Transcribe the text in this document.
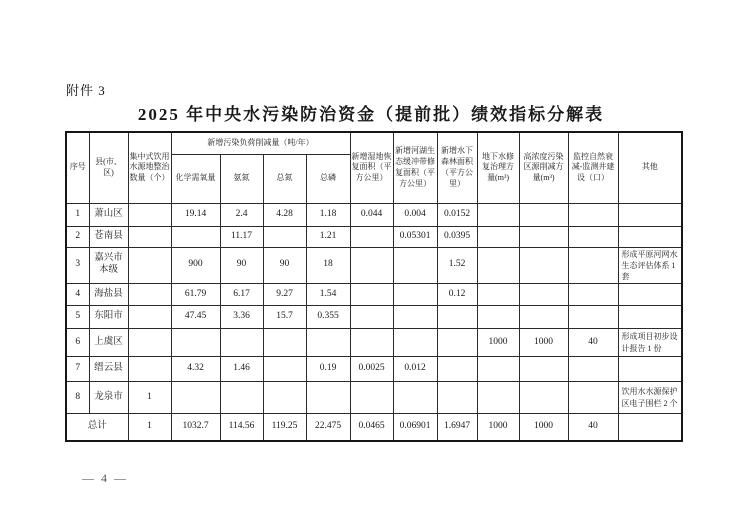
附件 3
2025 年中央水污染防治资金（提前批）绩效指标分解表
序号	县(市、区)	集中式饮用水源地整治数量（个）	新增污染负荷削减量（吨/年）				新增湿地恢复面积（平方公里）	新增河湖生态缓冲带修复面积（平方公里）	新增水下森林面积（平方公里）	地下水修复治理方量(m³)	高浓度污染区源削减方量(m³)	监控自然衰减-监测井建设（口）	其他
			化学需氧量	氨氮	总氮	总磷							
1	萧山区		19.14	2.4	4.28	1.18	0.044	0.004	0.0152				
2	苍南县			11.17		1.21		0.05301	0.0395				
3	嘉兴市本级		900	90	90	18			1.52				形成平原河网水生态评估体系 1 套
4	海盐县		61.79	6.17	9.27	1.54			0.12				
5	东阳市		47.45	3.36	15.7	0.355							
6	上虞区									1000	1000	40	形成项目初步设计报告 1 份
7	缙云县		4.32	1.46		0.19	0.0025	0.012					
8	龙泉市	1											饮用水水源保护区电子围栏 2 个
总计		1	1032.7	114.56	119.25	22.475	0.0465	0.06901	1.6947	1000	1000	40	
— 4 —
